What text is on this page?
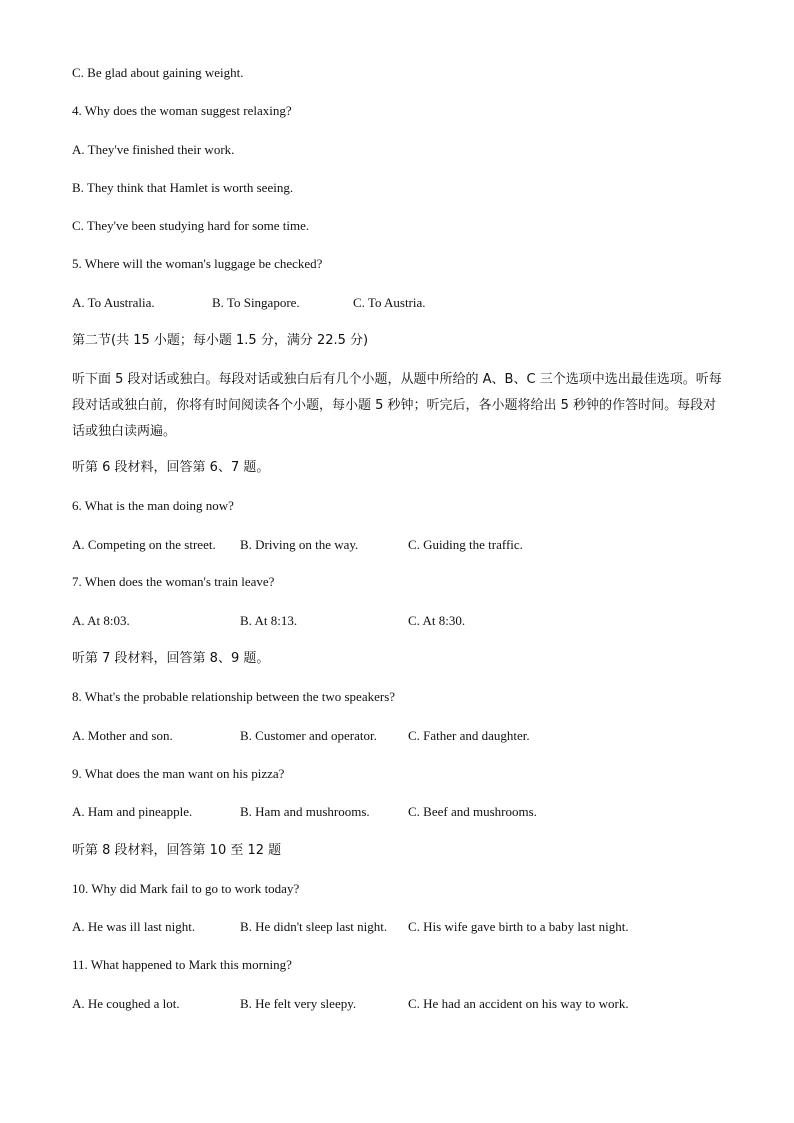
C. Be glad about gaining weight.
4. Why does the woman suggest relaxing?
A. They've finished their work.
B. They think that Hamlet is worth seeing.
C. They've been studying hard for some time.
5. Where will the woman's luggage be checked?
A. To Australia.	B. To Singapore.	C. To Austria.
第二节(共 15 小题；每小题 1.5 分，满分 22.5 分)
听下面 5 段对话或独白。每段对话或独白后有几个小题，从题中所给的 A、B、C 三个选项中选出最佳选项。听每段对话或独白前，你将有时间阅读各个小题，每小题 5 秒钟；听完后，各小题将给出 5 秒钟的作答时间。每段对话或独白读两遍。
听第 6 段材料，回答第 6、7 题。
6. What is the man doing now?
A. Competing on the street. B. Driving on the way.	C. Guiding the traffic.
7. When does the woman's train leave?
A. At 8:03.	B. At 8:13.	C. At 8:30.
听第 7 段材料，回答第 8、9 题。
8. What's the probable relationship between the two speakers?
A. Mother and son.	B. Customer and operator. C. Father and daughter.
9. What does the man want on his pizza?
A. Ham and pineapple.	B. Ham and mushrooms.	C. Beef and mushrooms.
听第 8 段材料，回答第 10 至 12 题
10. Why did Mark fail to go to work today?
A. He was ill last night.	B. He didn't sleep last night. C. His wife gave birth to a baby last night.
11. What happened to Mark this morning?
A. He coughed a lot.	B. He felt very sleepy.	C. He had an accident on his way to work.
